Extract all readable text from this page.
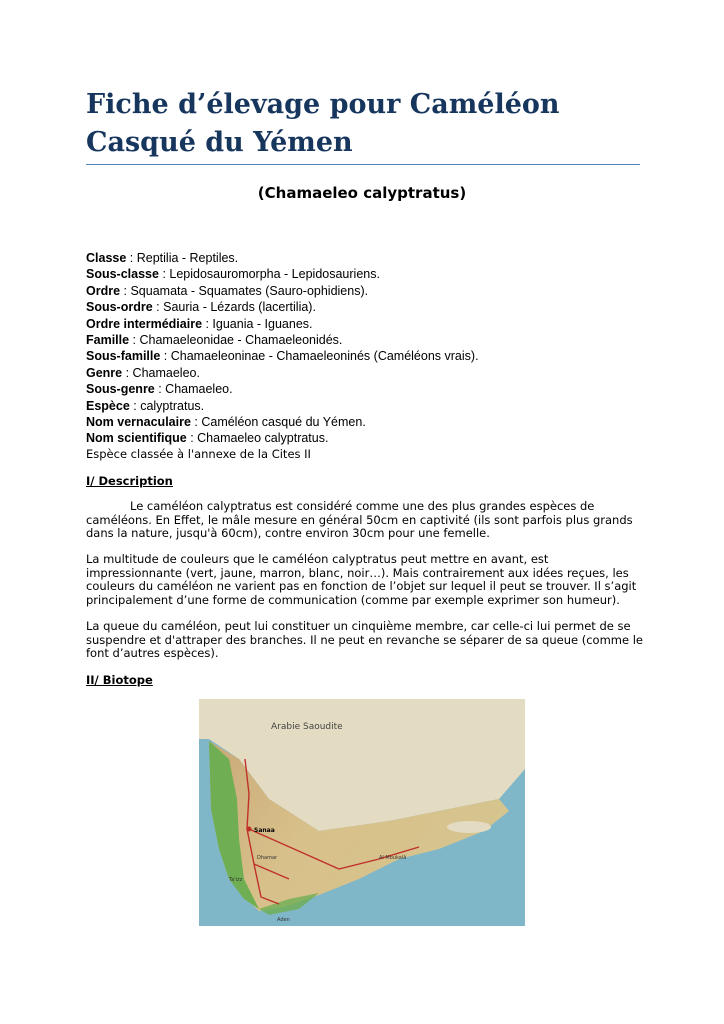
Fiche d’élevage pour Caméléon Casqué du Yémen
(Chamaeleo calyptratus)
Classe : Reptilia - Reptiles.
Sous-classe : Lepidosauromorpha - Lepidosauriens.
Ordre : Squamata - Squamates (Sauro-ophidiens).
Sous-ordre : Sauria - Lézards (lacertilia).
Ordre intermédiaire : Iguania - Iguanes.
Famille : Chamaeleonidae - Chamaeleonidés.
Sous-famille : Chamaeleoninae - Chamaeleoninés (Caméléons vrais).
Genre : Chamaeleo.
Sous-genre : Chamaeleo.
Espèce : calyptratus.
Nom vernaculaire : Caméléon casqué du Yémen.
Nom scientifique : Chamaeleo calyptratus.
Espèce classée à l'annexe de la Cites II
I/ Description

Le caméléon calyptratus est considéré comme une des plus grandes espèces de caméléons. En Effet, le mâle mesure en général 50cm en captivité (ils sont parfois plus grands dans la nature, jusqu'à 60cm), contre environ 30cm pour une femelle.

La multitude de couleurs que le caméléon calyptratus peut mettre en avant, est impressionnante (vert, jaune, marron, blanc, noir…). Mais contrairement aux idées reçues, les couleurs du caméléon ne varient pas en fonction de l’objet sur lequel il peut se trouver. Il s’agit principalement d’une forme de communication (comme par exemple exprimer son humeur).

La queue du caméléon, peut lui constituer un cinquième membre, car celle-ci lui permet de se suspendre et d'attraper des branches. Il ne peut en revanche se séparer de sa queue (comme le font d’autres espèces).

II/ Biotope
Arabie Saoudite
Sanaa
Dhamar
Ta'izz
Aden
Al Moukalâ
